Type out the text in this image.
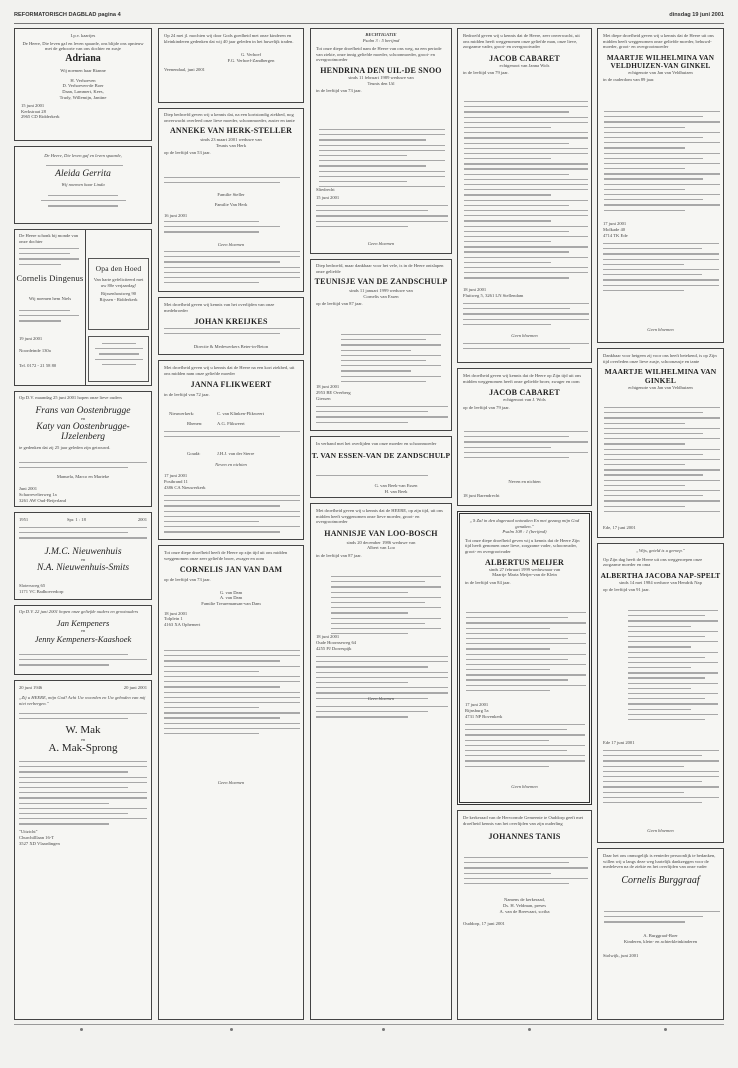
REFORMATORISCH DAGBLAD pagina 4	dinsdag 19 juni 2001
I.p.v. kaartjes
De Heere, Die leven gaf en leven spaarde, ons blijde ons opnieuw met de geboorte van ons dochter en zusje
Adriana
Wij noemen haar Rianne
H. Verhoeven
D. Verhoeven-de Boer
Daan, Lammert, Kees,
Trudy, Willemijn, Jantine
15 juni 2001
Kerkstraat 28
2965 CD Ridderkerk
De Heere, Die leven gaf en leven spaarde,
Aleida Gerrita
Wij noemen haar Linda
De Heere schonk bij monde van onze dochter
Cornelis Dingenus
Wij noemen hem Niels
19 juni 2001
Noordeinde 130a
Tel. 0172 - 21 58 80
Opa den Hoed
Van harte gefeliciteerd met uw 80e verjaardag!
Rijssenhoutweg 90
Rijssen - Ridderkerk
Op D.V. maandag 25 juni 2001 hopen onze lieve ouders
Frans van Oostenbrugge
en
Katy van Oostenbrugge-IJzelenberg
te gedenken dat zij 25 jaar geleden zijn getrouwd.
Manuela, Marco en Marieke
Juni 2001
Scharrevelterweg 1a
3261 AW Oud-Beijerland
1951	Spr. 1 : 18	2001
J.M.C. Nieuwenhuis
en
N.A. Nieuwenhuis-Smits
Slotersweg 65
1171 VC Badhoevedorp
Op D.V. 22 juni 2001 hopen onze geliefde ouders en grootouders
Jan Kempeners
en
Jenny Kempeners-Kaashoek
20 juni 1946	20 juni 2001
„Zij u HEERE, mijn God! Acht Uw woorden en Uw geboden van mij niet verbergen."
W. Mak
en
A. Mak-Sprong
"Uitzicht"
Churchilllaan 16-T
3527 XD Vlaardingen
Op 24 mei jl. mochten wij door Gods goedheid met onze kinderen en kleinkinderen gedenken dat wij 40 jaar geleden in het huwelijk traden.
G. Verhoef
F.G. Verhoef-Zandbergen
Veenendaal, juni 2001
Diep bedroefd geven wij u kennis dat, na een kortstondig ziekbed, nog onverwacht overleed onze lieve moeder, schoonmoeder, zuster en tante
ANNEKE VAN HERK-STELLER
sinds 23 maart 2001 weduwe van
Teunis van Herk
op de leeftijd van 53 jaar.
Familie Steller
Familie Van Herk
16 juni 2001
Geen bloemen
Met droefheid geven wij kennis van het overlijden van onze medebroeder
JOHAN KREIJKES
Directie & Medewerkers Beter-in-Beton
Met droefheid geven wij u kennis dat de Heere na een kort ziekbed, uit ons midden nam onze geliefde moeder
JANNA FLIKWEERT
in de leeftijd van 72 jaar.
Nieuwerkerk:	C. van Klinken-Flikweert
Rhenen:	A.G. Flikweert
Goudà:	J.H.J. van der Sterre
Neven en nichten
17 juni 2001
Postbrand 11
4386 CA Nieuwerkerk
Tot onze diepe droefheid heeft de Heere op zijn tijd uit ons midden weggenomen onze zeer geliefde broer, zwager en oom
CORNELIS JAN VAN DAM
op de leeftijd van 73 jaar.
G. van Dam
A. van Dam
Familie Treuremansan-van Dam
18 juni 2001
Tolplein 1
4163 XA Ophemert
Geen bloemen
BECHTIGATIE
Psalm 3 : 5 berijmd
Tot onze diepe droefheid nam de Heere van ons weg, na een periode van ziekte, onze innig geliefde moeder, schoonmoeder, groot- en overgrootmoeder
HENDRINA DEN UIL-DE SNOO
sinds 11 februari 1989 weduwe van
Teunis den Uil
in de leeftijd van 73 jaar.
Sliedrecht
15 juni 2001
Geen bloemen
Diep bedroefd, maar dankbaar voor het vele, is in de Heere ontslapen onze geliefde
TEUNISJE VAN DE ZANDSCHULP
sinds 11 januari 1999 weduwe van
Cornelis van Essen
op de leeftijd van 87 jaar.
18 juni 2001
2953 BE Overberg
Giessen
In verband met het overlijden van onze moeder en schoonmoeder
T. VAN ESSEN-VAN DE ZANDSCHULP
G. van Beek-van Essen
H. van Beek
Met droefheid geven wij u kennis dat de HEERE, op zijn tijd, uit ons midden heeft weggenomen onze lieve moeder, groot- en overgrootmoeder
HANNISJE VAN LOO-BOSCH
sinds 20 december 1986 weduwe van
Albert van Loo
in de leeftijd van 87 jaar.
18 juni 2001
Oude Hoornseweg 64
4255 PJ Dorrespijk
Geen bloemen
Bedroefd geven wij u kennis dat de Heere, zeer onverwacht, uit ons midden heeft weggenomen onze geliefde man, onze lieve, zorgzame vader, groot- en overgrootvader
JACOB CABARET
echtgenoot van Janna Wols
in de leeftijd van 79 jaar.
18 juni 2001
Fluitweg 5, 3261 LN Stellendam
Geen bloemen
Met droefheid geven wij kennis dat de Heere op Zijn tijd uit ons midden weggenomen heeft onze geliefde broer, zwager en oom
JACOB CABARET
echtgenoot van J. Wols
op de leeftijd van 79 jaar.
Neven en nichten
18 juni Barendrecht
„'k Zal in den dageraad ontwaken En met gezang mijn God genaken."
Psalm 108 : 1 (berijmd)
Tot onze diepe droefheid geven wij u kennis dat de Heere Zijn tijd heeft genomen onze lieve, zorgzame vader, schoonvader, groot- en overgrootvader
ALBERTUS MEIJER
sinds 27 februari 1999 weduwnaar van
Maartje Maria Meijer-van de Klein
in de leeftijd van 84 jaar.
17 juni 2001
Rijnsburg 5a
4731 NP Bovenkerk
Geen bloemen
De kerkeraad van de Hervormde Gemeente te Ouddorp geeft met droefheid kennis van het overlijden van zijn ouderling
JOHANNES TANIS
Namens de kerkeraad,
Ds. H. Veldman, preses
A. van de Breevaart, scriba
Ouddorp, 17 juni 2001
Met diepe droefheid geven wij u kennis dat de Heere uit ons midden heeft weggenomen onze geliefde moeder, behuwd-moeder, groot- en overgrootmoeder
MAARTJE WILHELMINA VAN VELDHUIZEN-VAN GINKEL
echtgenote van Jan van Veldhuizen
in de ouderdom van 89 jaar.
17 juni 2001
Molkade 40
4714 TK Ede
Geen bloemen
Dankbaar voor hetgeen zij voor ons heeft betekend, is op Zijn tijd overleden onze lieve zusje, schoonzusje en tante
MAARTJE WILHELMINA VAN GINKEL
echtgenote van Jan van Veldhuizen
Ede, 17 juni 2001
„Wijs, geteld is u geroep."
Op Zijn dag heeft de Heere uit ons weggeroepen onze zorgzame moeder en oma
ALBERTHA JACOBA NAP-SPELT
sinds 14 mei 1984 weduwe van Hendrik Nap
op de leeftijd van 91 jaar.
Ede 17 juni 2001
Geen bloemen
Daar het ons onmogelijk is eenieder persoonlijk te bedanken, willen wij u langs deze weg hartelijk dankzeggen voor de medeleven na de ziekte en het overlijden van onze vader
Cornelis Burggraaf
A. Burggraaf-Boer
Kinderen, klein- en achterkleinkinderen
Stolwijk, juni 2001
